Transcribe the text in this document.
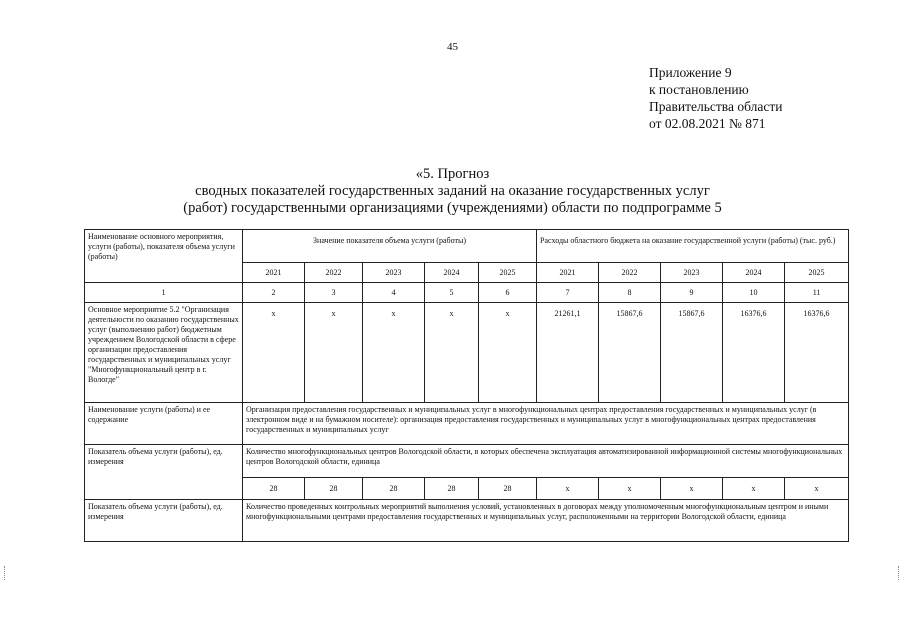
45
Приложение 9
к постановлению
Правительства области
от 02.08.2021 № 871
«5. Прогноз
сводных показателей государственных заданий на оказание государственных услуг
(работ) государственными организациями (учреждениями) области по подпрограмме 5
Наименование основного мероприятия, услуги (работы), показателя объема услуги (работы)	Значение показателя объема услуги (работы)					Расходы областного бюджета на оказание государственной услуги (работы) (тыс. руб.)				
	2021	2022	2023	2024	2025	2021	2022	2023	2024	2025
1	2	3	4	5	6	7	8	9	10	11
Основное мероприятие 5.2 "Организация деятельности по оказанию государственных услуг (выполнению работ) бюджетным учреждением Вологодской области в сфере организации предоставления государственных и муниципальных услуг "Многофункциональный центр в г. Вологде"	х	х	х	х	х	21261,1	15867,6	15867,6	16376,6	16376,6
Наименование услуги (работы) и ее содержание	Организация предоставления государственных и муниципальных услуг в многофункциональных центрах предоставления государственных и муниципальных услуг (в электронном виде и на бумажном носителе): организация предоставления государственных и муниципальных услуг в многофункциональных центрах предоставления государственных и муниципальных услуг									
Показатель объема услуги (работы), ед. измерения	Количество многофункциональных центров Вологодской области, в которых обеспечена эксплуатация автоматизированной информационной системы многофункциональных центров Вологодской области, единица									
	28	28	28	28	28	х	х	х	х	х
Показатель объема услуги (работы), ед. измерения	Количество проведенных контрольных мероприятий выполнения условий, установленных в договорах между уполномоченным многофункциональным центром и иными многофункциональными центрами предоставления государственных и муниципальных услуг, расположенными на территории Вологодской области, единица									
